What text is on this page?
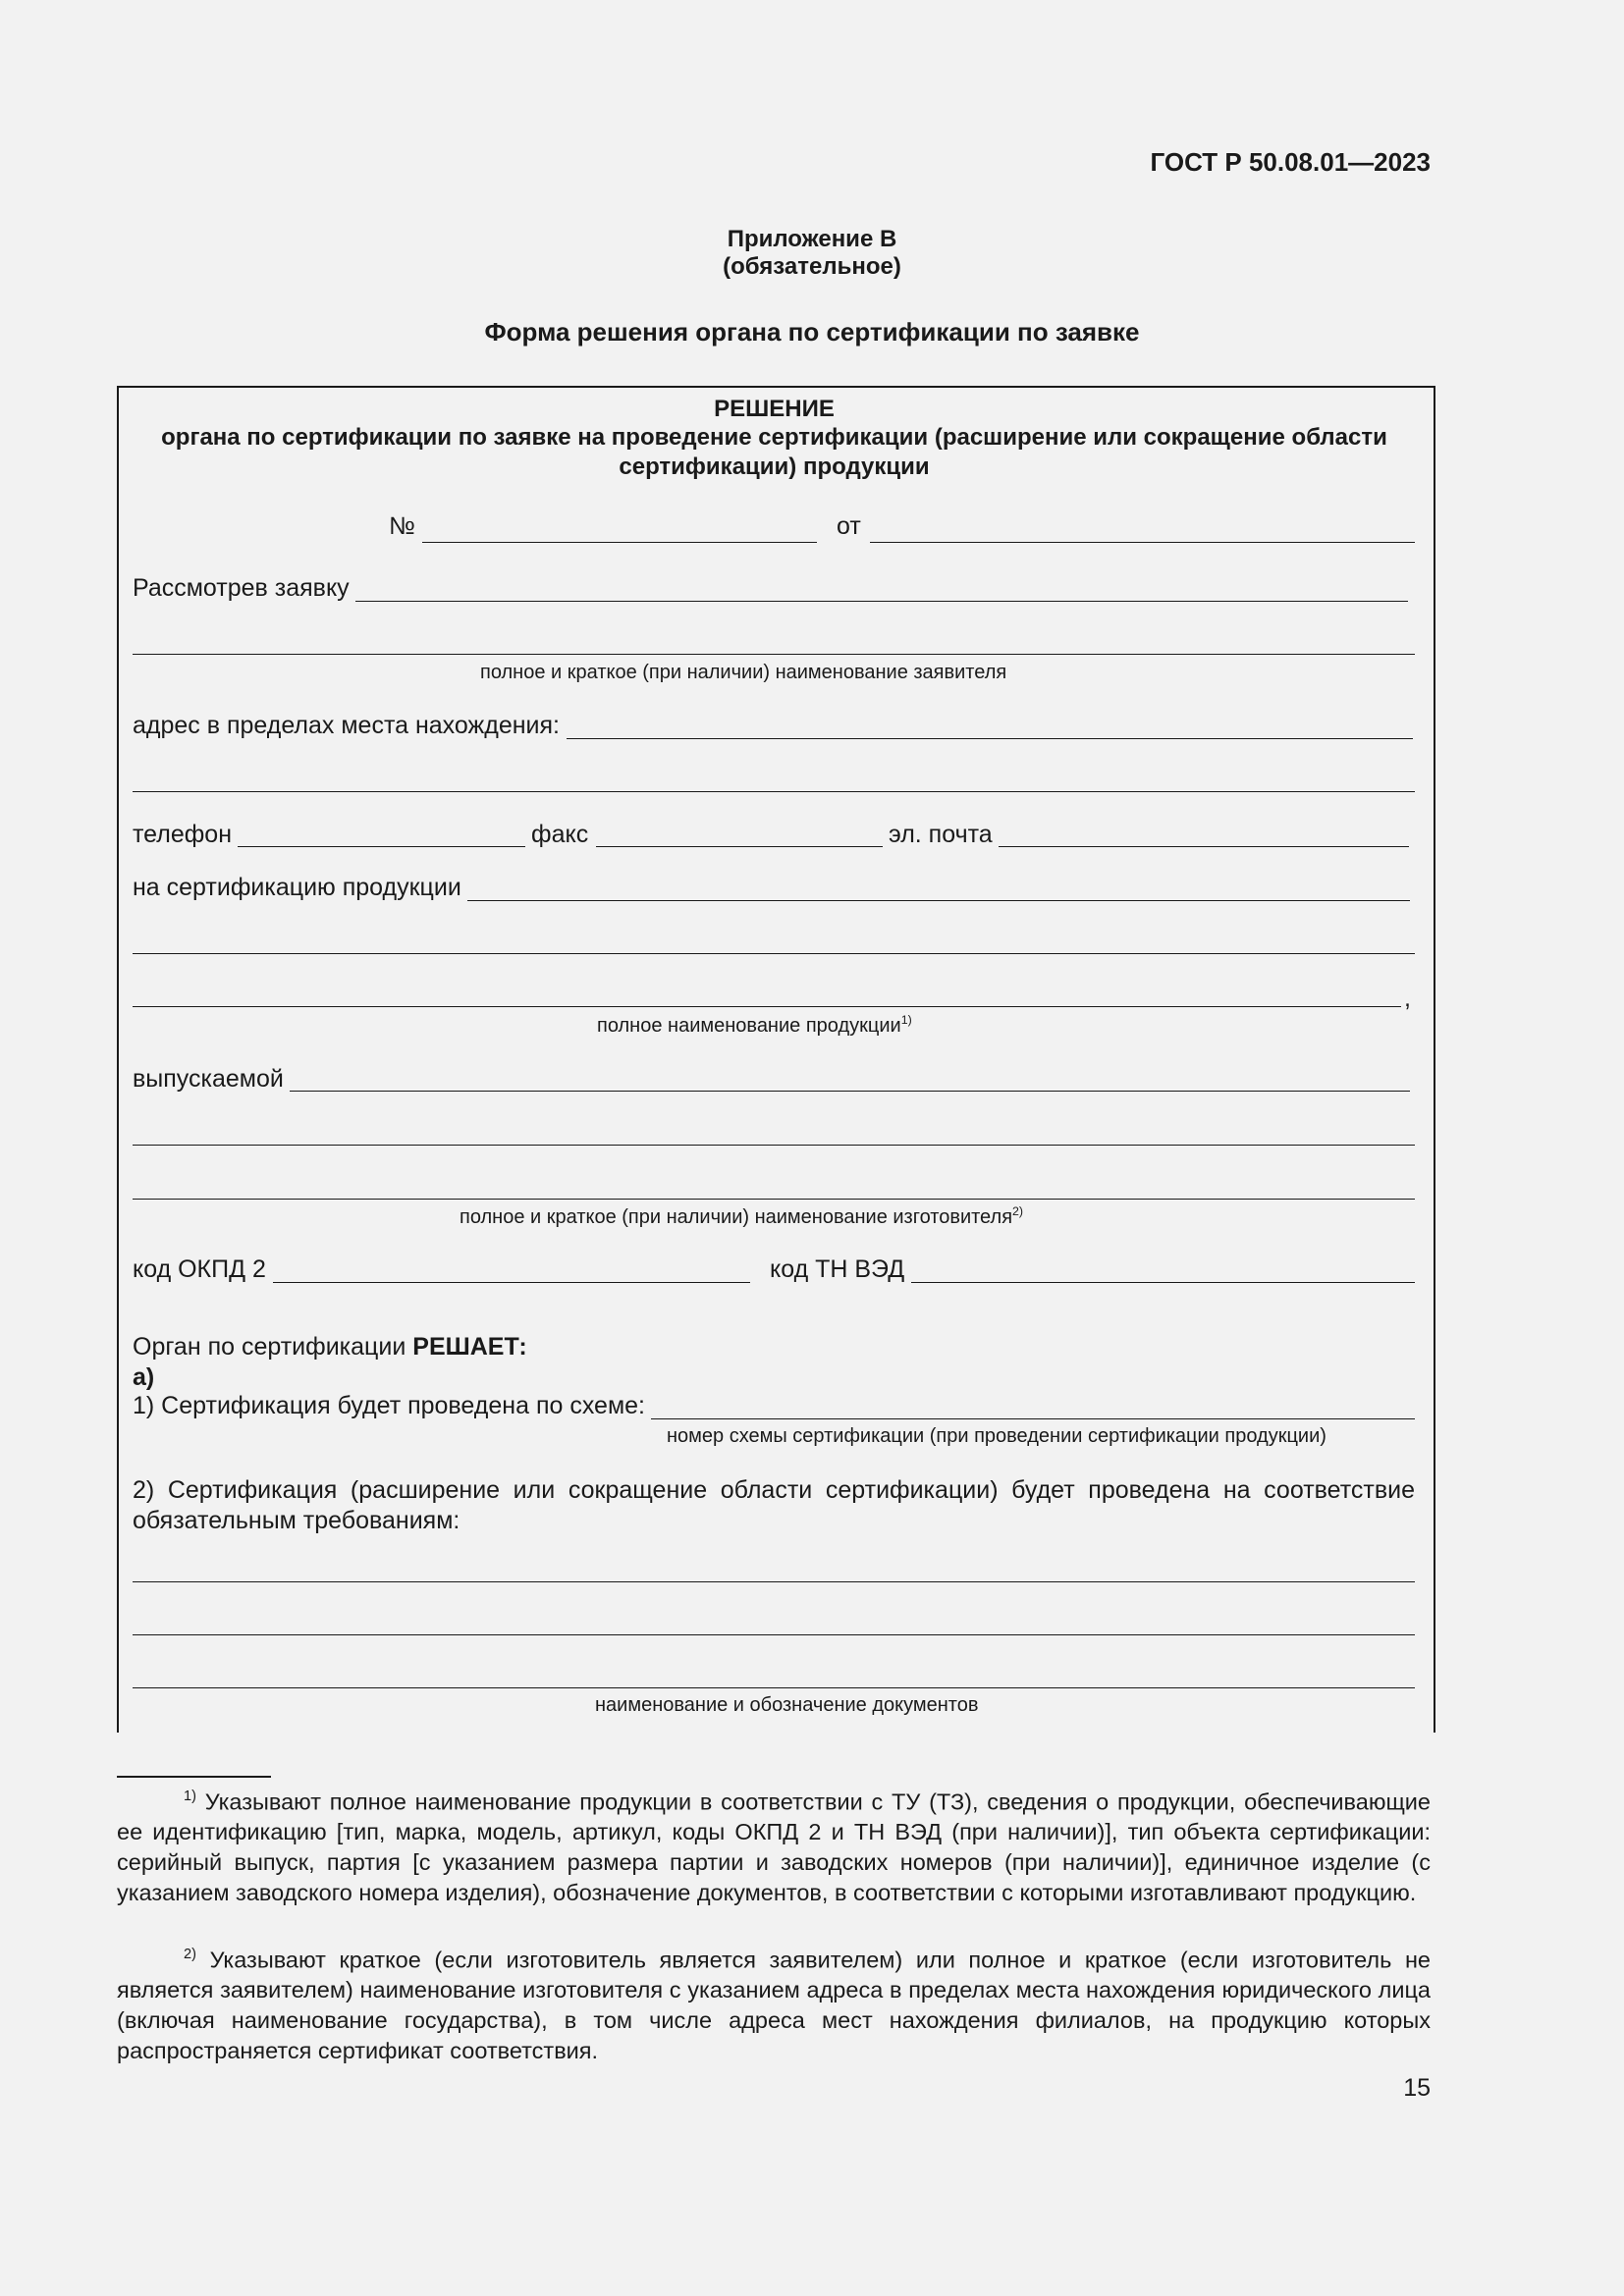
ГОСТ Р 50.08.01—2023
Приложение В
(обязательное)
Форма решения органа по сертификации по заявке
РЕШЕНИЕ
органа по сертификации по заявке на проведение сертификации (расширение или сокращение области сертификации) продукции
№	от
Рассмотрев заявку
полное и краткое (при наличии) наименование заявителя
адрес в пределах места нахождения:
телефон	факс	эл. почта
на сертификацию продукции
,
полное наименование продукции$^{1)}$
выпускаемой
полное и краткое (при наличии) наименование изготовителя$^{2)}$
код ОКПД 2	код ТН ВЭД
Орган по сертификации РЕШАЕТ:
а)
1) Сертификация будет проведена по схеме:
номер схемы сертификации (при проведении сертификации продукции)
2) Сертификация (расширение или сокращение области сертификации) будет проведена на соответствие обязательным требованиям:
наименование и обозначение документов
$^{1)}$ Указывают полное наименование продукции в соответствии с ТУ (ТЗ), сведения о продукции, обеспечивающие ее идентификацию [тип, марка, модель, артикул, коды ОКПД 2 и ТН ВЭД (при наличии)], тип объекта сертификации: серийный выпуск, партия [с указанием размера партии и заводских номеров (при наличии)], единичное изделие (с указанием заводского номера изделия), обозначение документов, в соответствии с которыми изготавливают продукцию.
$^{2)}$ Указывают краткое (если изготовитель является заявителем) или полное и краткое (если изготовитель не является заявителем) наименование изготовителя с указанием адреса в пределах места нахождения юридического лица (включая наименование государства), в том числе адреса мест нахождения филиалов, на продукцию которых распространяется сертификат соответствия.
15
